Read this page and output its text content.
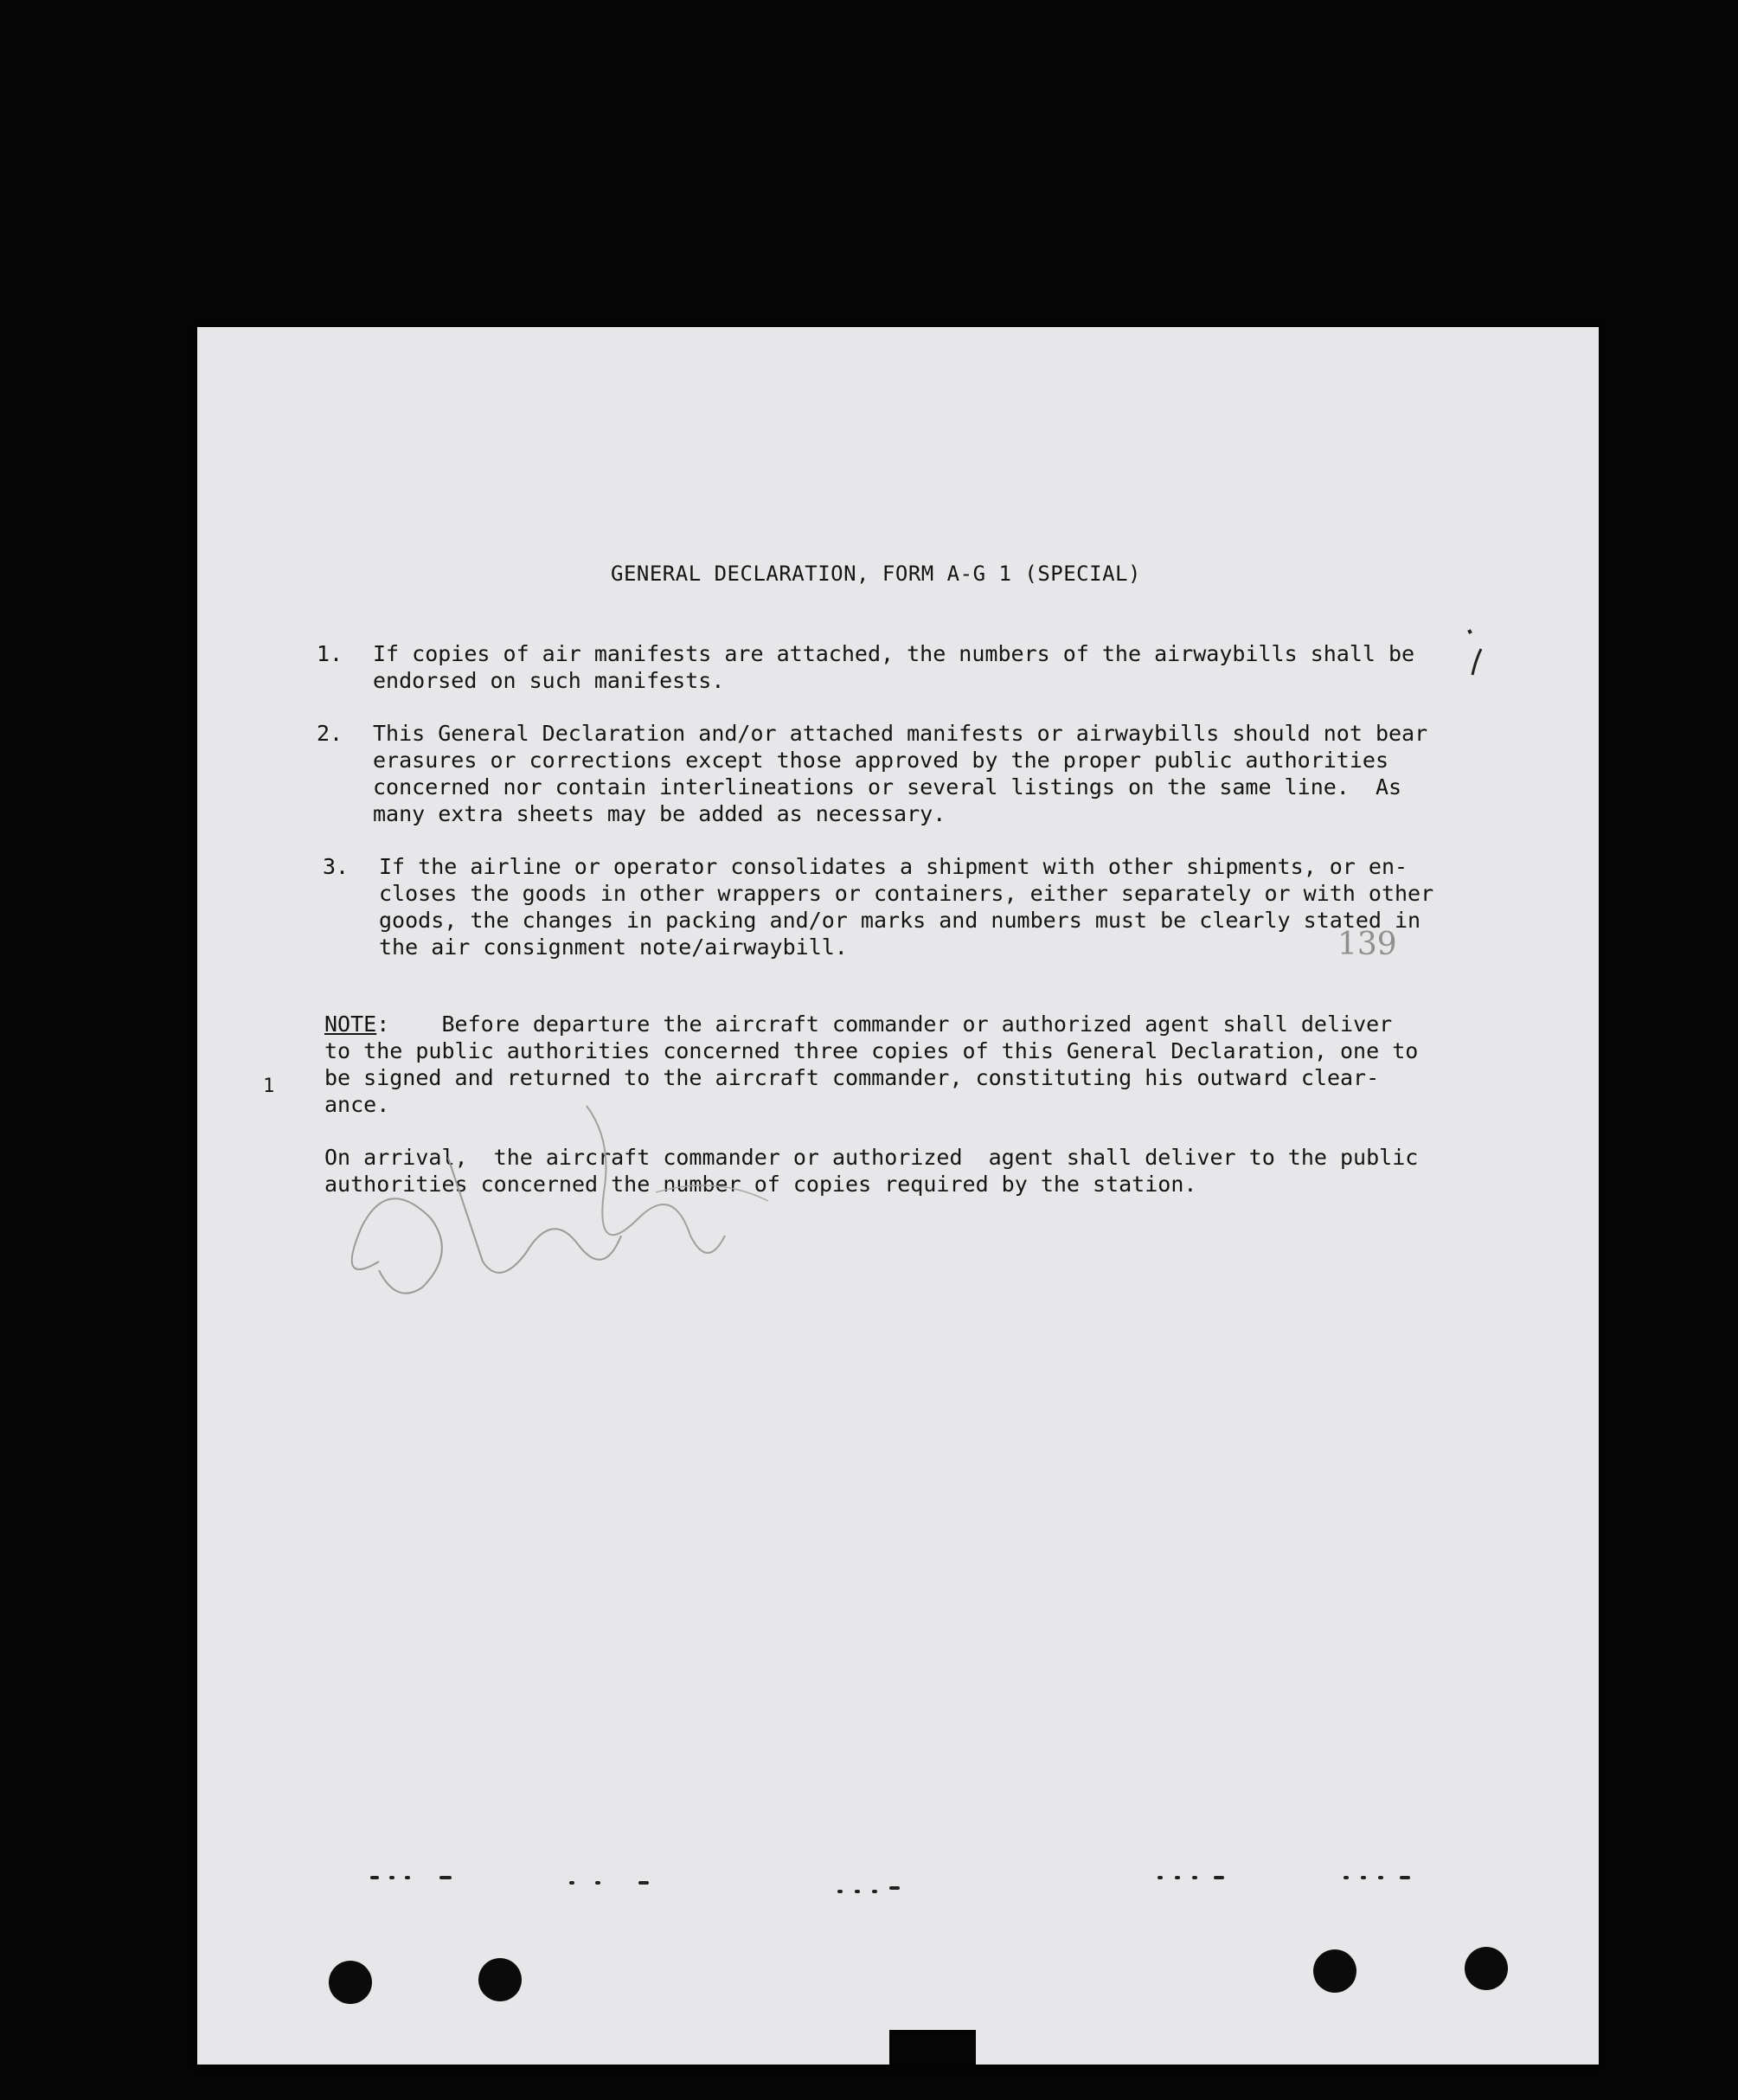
GENERAL DECLARATION, FORM A-G 1 (SPECIAL)
1. If copies of air manifests are attached, the numbers of the airwaybills shall be
endorsed on such manifests.
2. This General Declaration and/or attached manifests or airwaybills should not bear
erasures or corrections except those approved by the proper public authorities
concerned nor contain interlineations or several listings on the same line.  As
many extra sheets may be added as necessary.
3. If the airline or operator consolidates a shipment with other shipments, or en-
closes the goods in other wrappers or containers, either separately or with other
goods, the changes in packing and/or marks and numbers must be clearly stated in
the air consignment note/airwaybill.	139
NOTE:    Before departure the aircraft commander or authorized agent shall deliver
to the public authorities concerned three copies of this General Declaration, one to
be signed and returned to the aircraft commander, constituting his outward clear-
ance.
On arrival,  the aircraft commander or authorized  agent shall deliver to the public
authorities concerned the number of copies required by the station.
1
